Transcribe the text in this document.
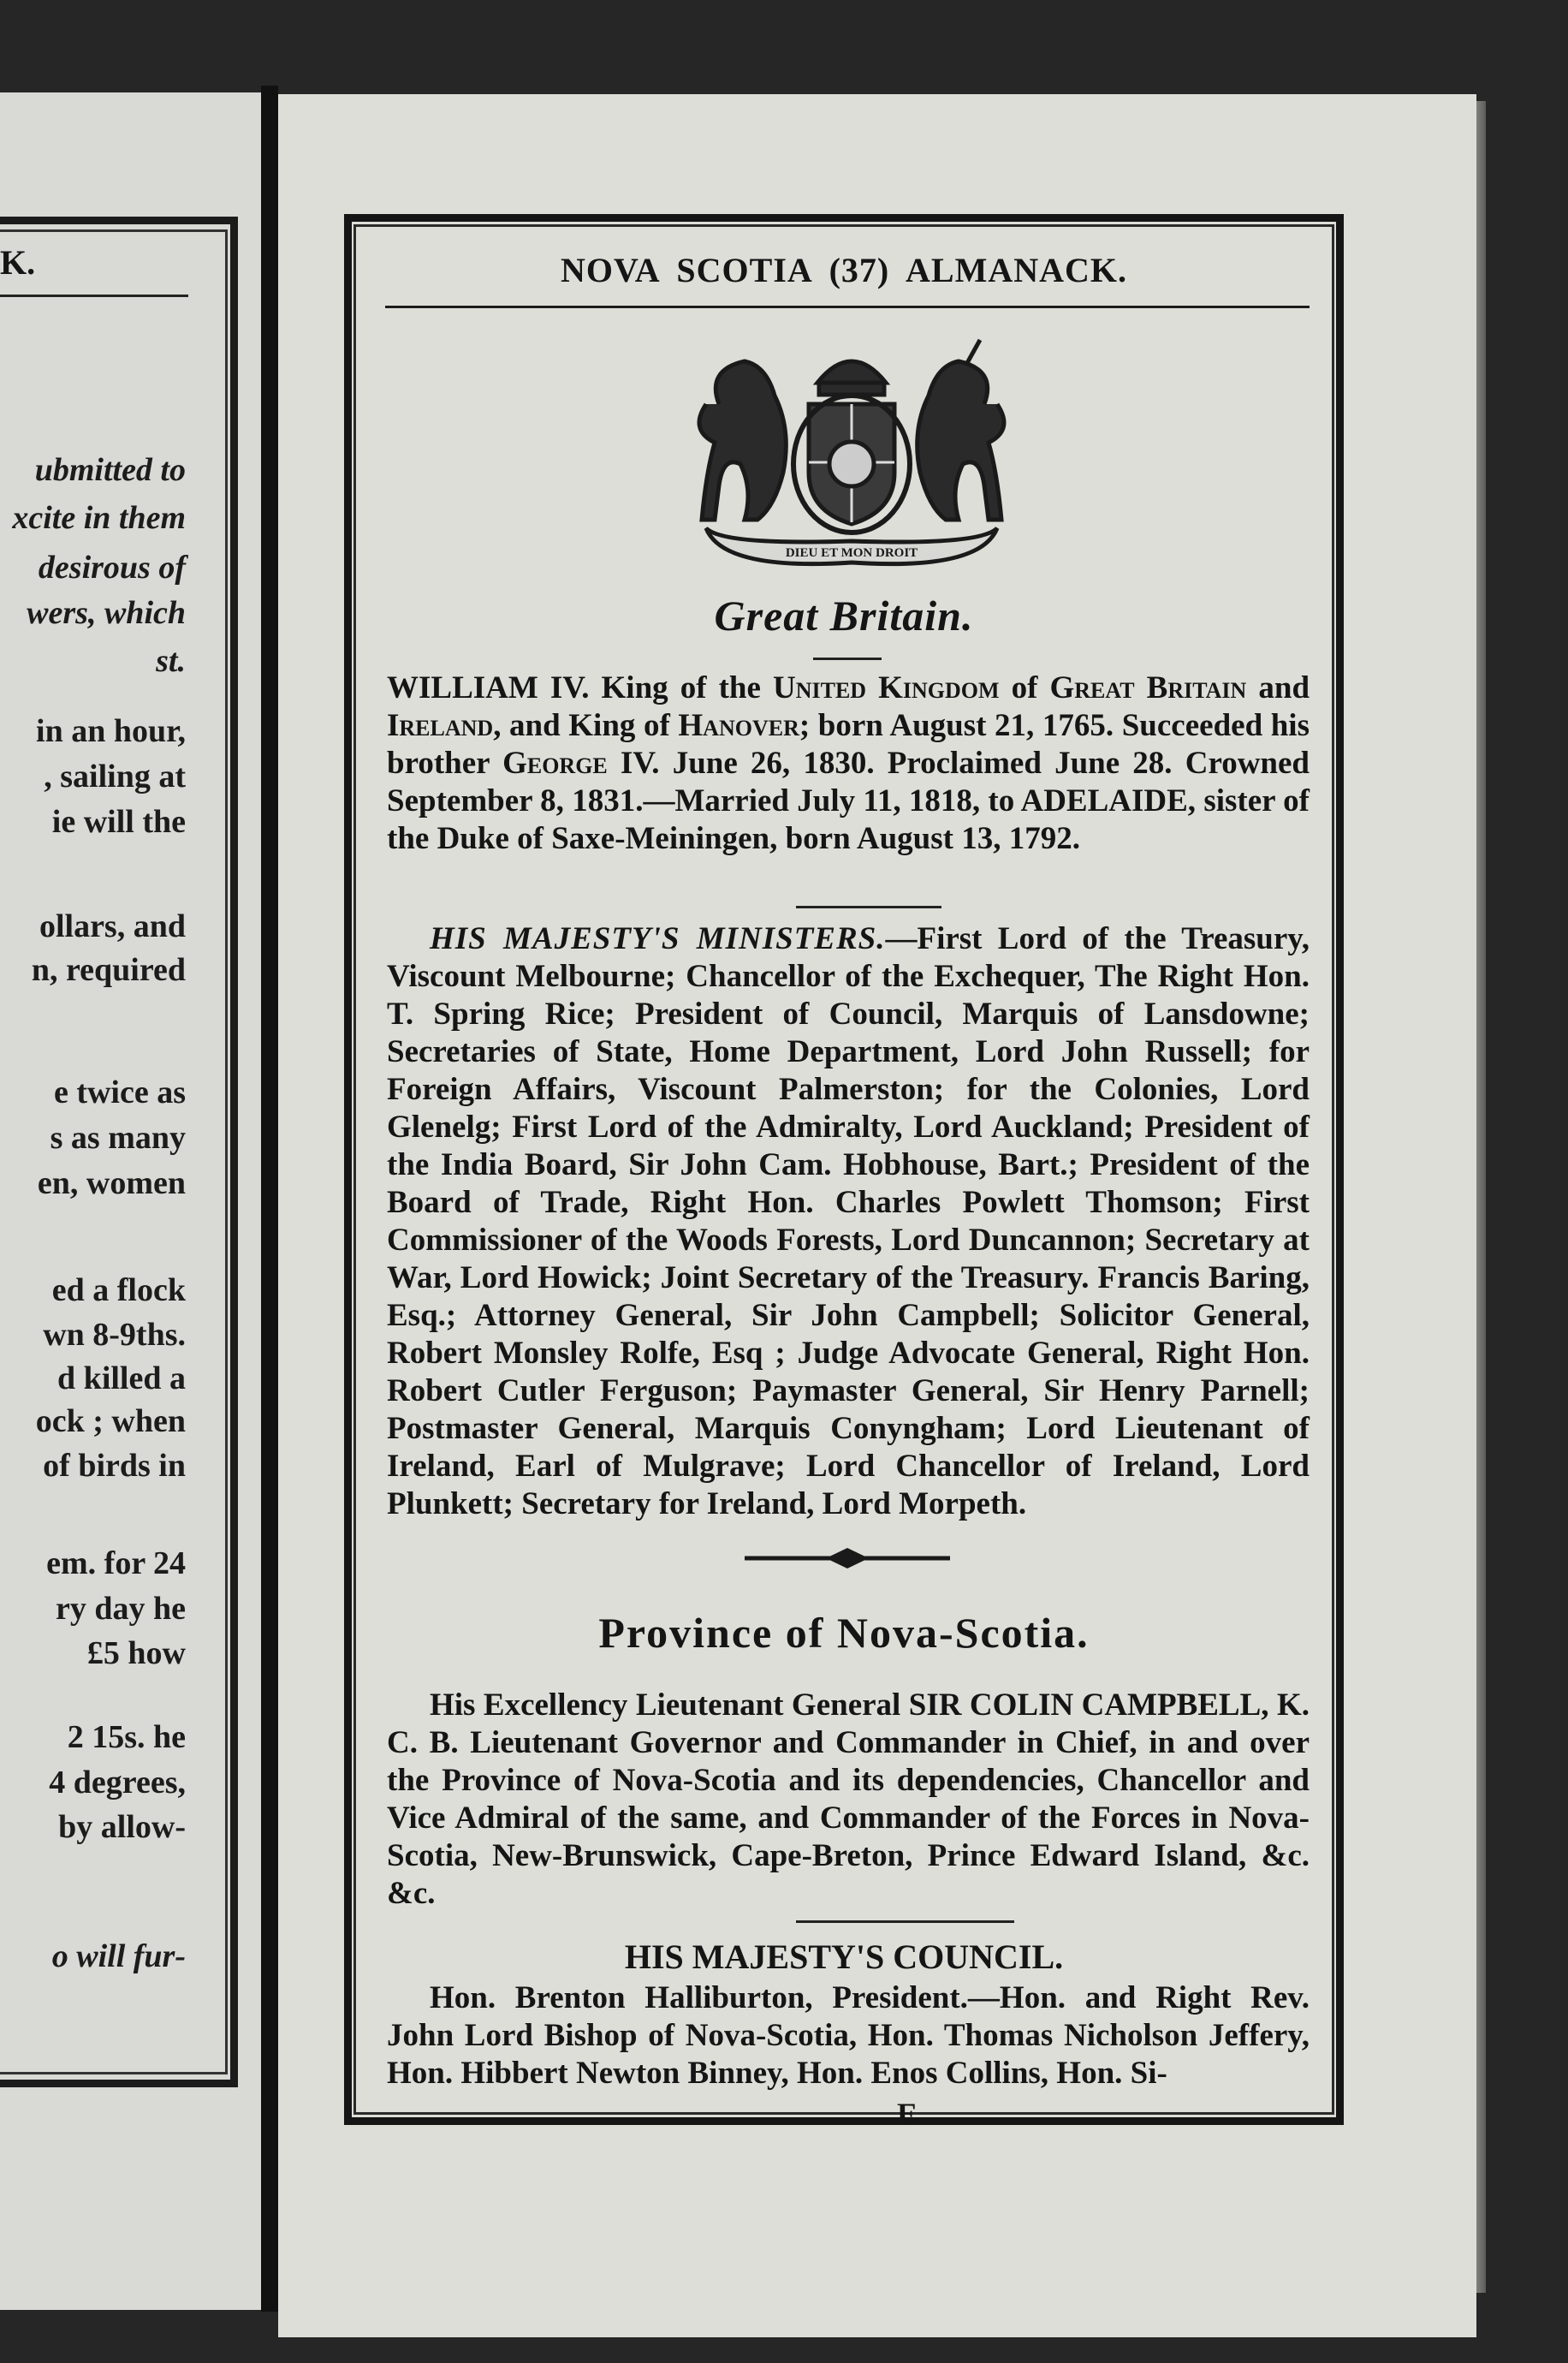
K.
ubmitted to
xcite in them
desirous of
wers, which
st.
in an hour,
, sailing at
ie will the
ollars, and
n, required
e twice as
s as many
en, women
ed a flock
wn 8-9ths.
d killed a
ock ; when
of birds in
em. for 24
ry day he
£5 how
2 15s. he
4 degrees,
by allow-
o will fur-
NOVA SCOTIA (37) ALMANACK.
DIEU ET MON DROIT
Great Britain.
WILLIAM IV. King of the United Kingdom of Great Britain and Ireland, and King of Hanover; born August 21, 1765. Succeeded his brother George IV. June 26, 1830. Proclaimed June 28. Crowned September 8, 1831.—Married July 11, 1818, to ADELAIDE, sister of the Duke of Saxe-Meiningen, born August 13, 1792.
HIS MAJESTY'S MINISTERS.—First Lord of the Treasury, Viscount Melbourne; Chancellor of the Exchequer, The Right Hon. T. Spring Rice; President of Council, Marquis of Lansdowne; Secretaries of State, Home Department, Lord John Russell; for Foreign Affairs, Viscount Palmerston; for the Colonies, Lord Glenelg; First Lord of the Admiralty, Lord Auckland; President of the India Board, Sir John Cam. Hobhouse, Bart.; President of the Board of Trade, Right Hon. Charles Powlett Thomson; First Commissioner of the Woods Forests, Lord Duncannon; Secretary at War, Lord Howick; Joint Secretary of the Treasury. Francis Baring, Esq.; Attorney General, Sir John Campbell; Solicitor General, Robert Monsley Rolfe, Esq ; Judge Advocate General, Right Hon. Robert Cutler Ferguson; Paymaster General, Sir Henry Parnell; Postmaster General, Marquis Conyngham; Lord Lieutenant of Ireland, Earl of Mulgrave; Lord Chancellor of Ireland, Lord Plunkett; Secretary for Ireland, Lord Morpeth.
Province of Nova-Scotia.
His Excellency Lieutenant General SIR COLIN CAMPBELL, K. C. B. Lieutenant Governor and Commander in Chief, in and over the Province of Nova-Scotia and its dependencies, Chancellor and Vice Admiral of the same, and Commander of the Forces in Nova-Scotia, New-Brunswick, Cape-Breton, Prince Edward Island, &c. &c.
HIS MAJESTY'S COUNCIL.
Hon. Brenton Halliburton, President.—Hon. and Right Rev. John Lord Bishop of Nova-Scotia, Hon. Thomas Nicholson Jeffery, Hon. Hibbert Newton Binney, Hon. Enos Collins, Hon. Si-
E
